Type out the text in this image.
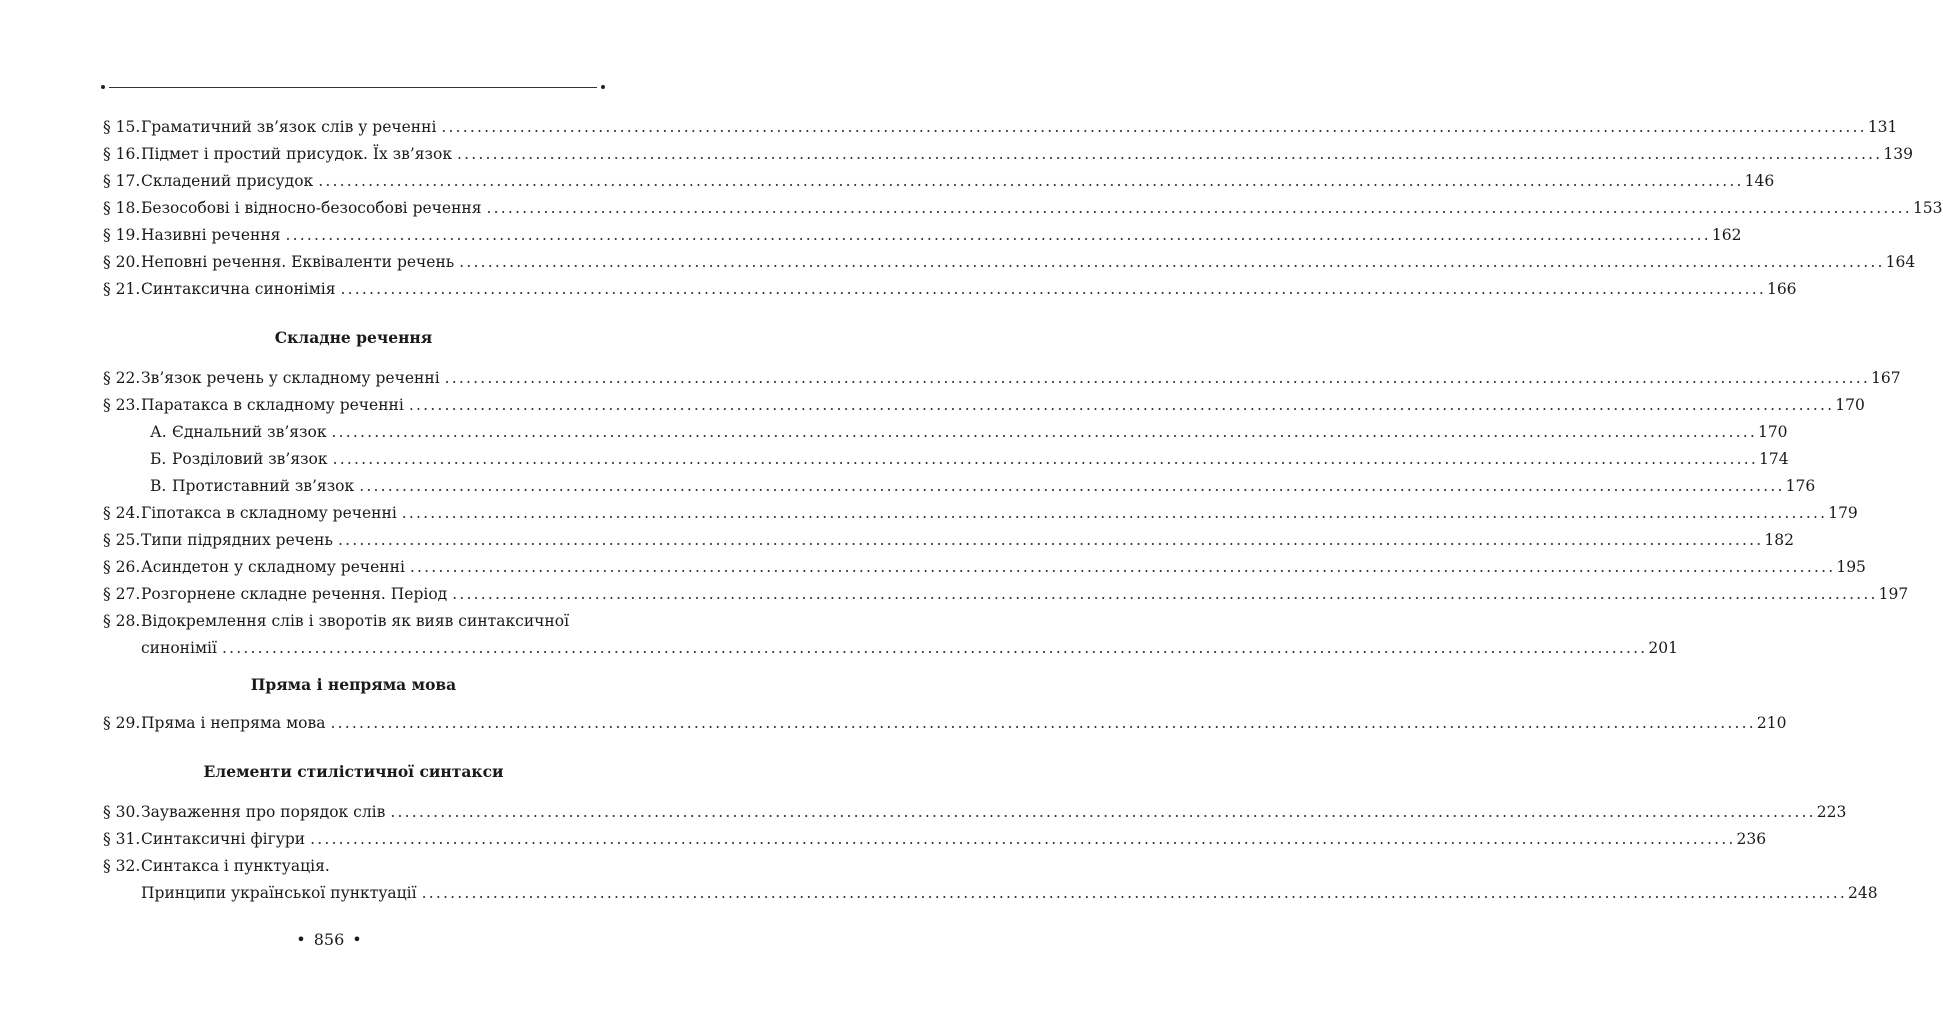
§ 15. Граматичний зв’язок слів у реченні ........................................................................................................................................................................................................ 131
§ 16. Підмет і простий присудок. Їх зв’язок ........................................................................................................................................................................................................ 139
§ 17. Складений присудок ........................................................................................................................................................................................................ 146
§ 18. Безособові і відносно-безособові речення ........................................................................................................................................................................................................ 153
§ 19. Називні речення ........................................................................................................................................................................................................ 162
§ 20. Неповні речення. Еквіваленти речень ........................................................................................................................................................................................................ 164
§ 21. Синтаксична синонімія ........................................................................................................................................................................................................ 166
Складне речення
§ 22. Зв’язок речень у складному реченні ........................................................................................................................................................................................................ 167
§ 23. Паратакса в складному реченні ........................................................................................................................................................................................................ 170
А. Єднальний зв’язок ........................................................................................................................................................................................................ 170
Б. Розділовий зв’язок ........................................................................................................................................................................................................ 174
В. Протиставний зв’язок ........................................................................................................................................................................................................ 176
§ 24. Гіпотакса в складному реченні ........................................................................................................................................................................................................ 179
§ 25. Типи підрядних речень ........................................................................................................................................................................................................ 182
§ 26. Асиндетон у складному реченні ........................................................................................................................................................................................................ 195
§ 27. Розгорнене складне речення. Період ........................................................................................................................................................................................................ 197
§ 28. Відокремлення слів і зворотів як вияв синтаксичної
синонімії ........................................................................................................................................................................................................ 201
Пряма і непряма мова
§ 29. Пряма і непряма мова ........................................................................................................................................................................................................ 210
Елементи стилістичної синтакси
§ 30. Зауваження про порядок слів ........................................................................................................................................................................................................ 223
§ 31. Синтаксичні фігури ........................................................................................................................................................................................................ 236
§ 32. Синтакса і пунктуація.
Принципи української пунктуації ........................................................................................................................................................................................................ 248
• 856 •
